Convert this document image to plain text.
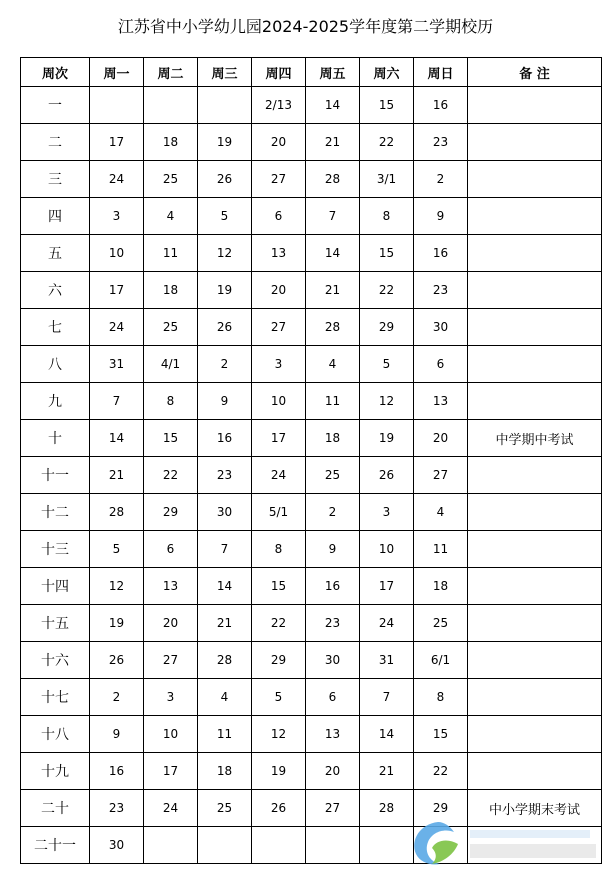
江苏省中小学幼儿园2024-2025学年度第二学期校历
周次	周一	周二	周三	周四	周五	周六	周日	备 注
一				2/13	14	15	16	
二	17	18	19	20	21	22	23	
三	24	25	26	27	28	3/1	2	
四	3	4	5	6	7	8	9	
五	10	11	12	13	14	15	16	
六	17	18	19	20	21	22	23	
七	24	25	26	27	28	29	30	
八	31	4/1	2	3	4	5	6	
九	7	8	9	10	11	12	13	
十	14	15	16	17	18	19	20	中学期中考试
十一	21	22	23	24	25	26	27	
十二	28	29	30	5/1	2	3	4	
十三	5	6	7	8	9	10	11	
十四	12	13	14	15	16	17	18	
十五	19	20	21	22	23	24	25	
十六	26	27	28	29	30	31	6/1	
十七	2	3	4	5	6	7	8	
十八	9	10	11	12	13	14	15	
十九	16	17	18	19	20	21	22	
二十	23	24	25	26	27	28	29	中小学期末考试
二十一	30							
